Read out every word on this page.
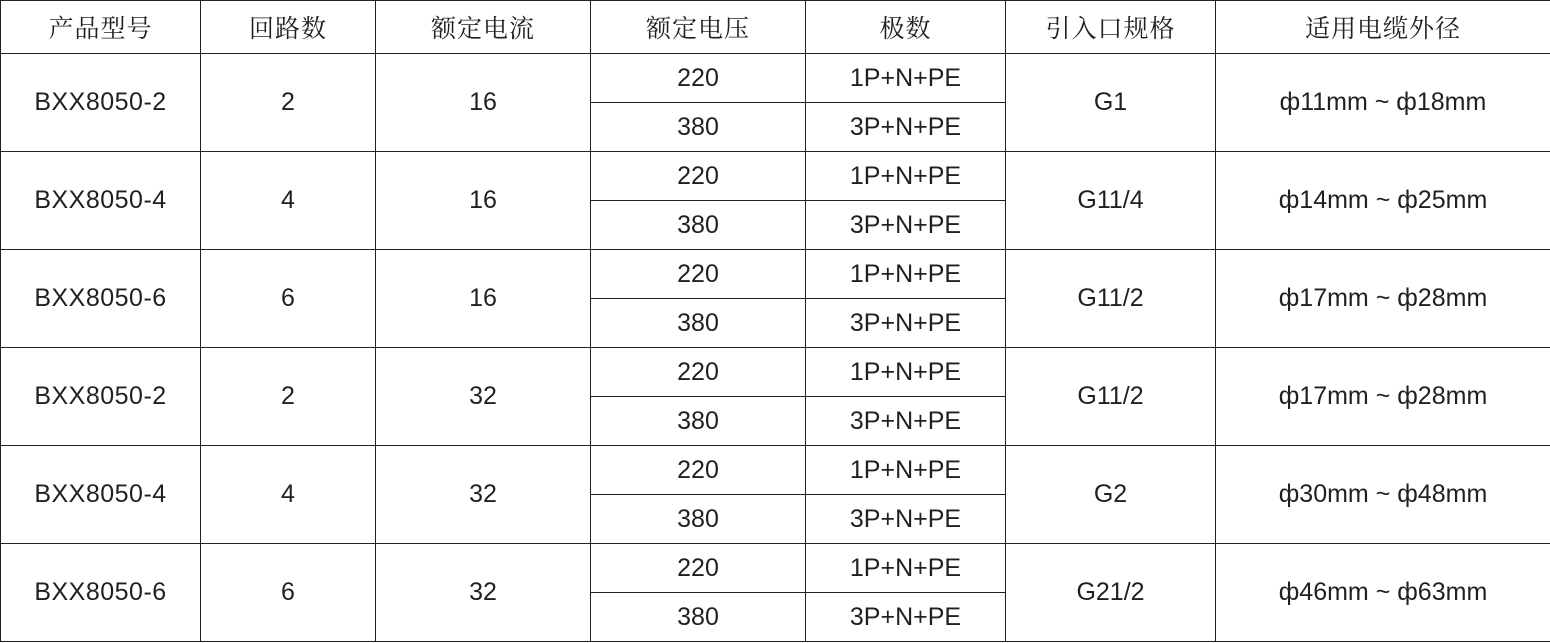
产品型号	回路数	额定电流	额定电压	极数	引入口规格	适用电缆外径
BXX8050-2	2	16	220	1P+N+PE	G1	ф11mm ~ ф18mm
			380	3P+N+PE		
BXX8050-4	4	16	220	1P+N+PE	G11/4	ф14mm ~ ф25mm
			380	3P+N+PE		
BXX8050-6	6	16	220	1P+N+PE	G11/2	ф17mm ~ ф28mm
			380	3P+N+PE		
BXX8050-2	2	32	220	1P+N+PE	G11/2	ф17mm ~ ф28mm
			380	3P+N+PE		
BXX8050-4	4	32	220	1P+N+PE	G2	ф30mm ~ ф48mm
			380	3P+N+PE		
BXX8050-6	6	32	220	1P+N+PE	G21/2	ф46mm ~ ф63mm
			380	3P+N+PE		
